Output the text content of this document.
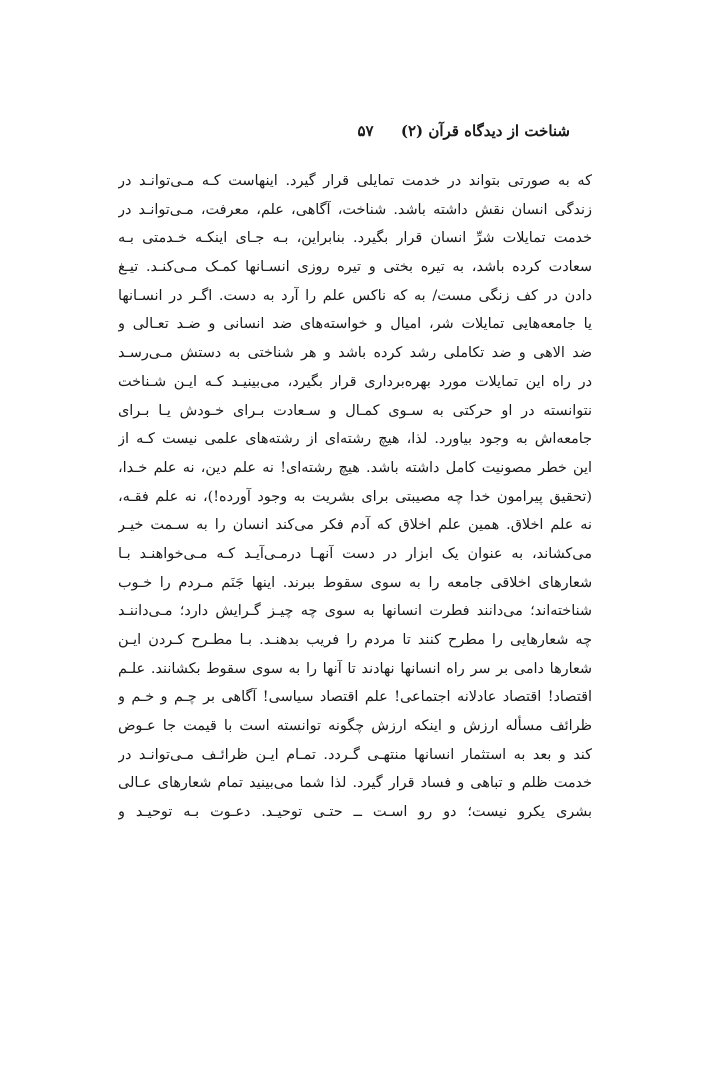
شناخت از دیدگاه قرآن (۲) ۵۷
که به صورتی بتواند در خدمت تمایلی قرار گیرد. اینهاست کـه مـی‌توانـد در
زندگی انسان نقش داشته باشد. شناخت، آگاهی، علم، معرفت، مـی‌توانـد در
خدمت تمایلات شرِّ انسان قرار بگیرد. بنابراین، بـه جـای اینکـه خـدمتی بـه
سعادت کرده باشد، به تیره بختی و تیره روزی انسـانها کمـک مـی‌کنـد. تیـغ
دادن در کف زنگی مست/ به که ناکس علم را آرد به دست. اگـر در انسـانها
یا جامعه‌هایی تمایلات شر، امیال و خواسته‌های ضد انسانی و ضـد تعـالی و
ضد الاهی و ضد تکاملی رشد کرده باشد و هر شناختی به دستش مـی‌رسـد
در راه این تمایلات مورد بهره‌برداری قرار بگیرد، می‌بینیـد کـه ایـن شـناخت
نتوانسته در او حرکتی به سـوی کمـال و سـعادت بـرای خـودش یـا بـرای
جامعه‌اش به وجود بیاورد. لذا، هیچ رشته‌ای از رشته‌های علمی نیست کـه از
این خطر مصونیت کامل داشته باشد. هیچ رشته‌ای! نه علم دین، نه علم خـدا،
(تحقیق پیرامون خدا چه مصیبتی برای بشریت به وجود آورده!)، نه علم فقـه،
نه علم اخلاق. همین علم اخلاق که آدم فکر می‌کند انسان را به سـمت خیـر
می‌کشاند، به عنوان یک ابزار در دست آنهـا درمـی‌آیـد کـه مـی‌خواهنـد بـا
شعارهای اخلاقی جامعه را به سوی سقوط ببرند. اینها جَنَم مـردم را خـوب
شناخته‌اند؛ می‌دانند فطرت انسانها به سوی چه چیـز گـرایش دارد؛ مـی‌داننـد
چه شعارهایی را مطرح کنند تا مردم را فریب بدهنـد. بـا مطـرح کـردن ایـن
شعارها دامی بر سر راه انسانها نهادند تا آنها را به سوی سقوط بکشانند. علـم
اقتصاد! اقتصاد عادلانه اجتماعی! علم اقتصاد سیاسی! آگاهی بر چـم و خـم و
ظرائف مسأله ارزش و اینکه ارزش چگونه توانسته است با قیمت جا عـوض
کند و بعد به استثمار انسانها منتهـی گـردد. تمـام ایـن ظرائـف مـی‌توانـد در
خدمت ظلم و تباهی و فساد قرار گیرد. لذا شما می‌بینید تمام شعارهای عـالی
بشری یکرو نیست؛ دو رو اسـت ــ حتـی توحیـد. دعـوت بـه توحیـد و
